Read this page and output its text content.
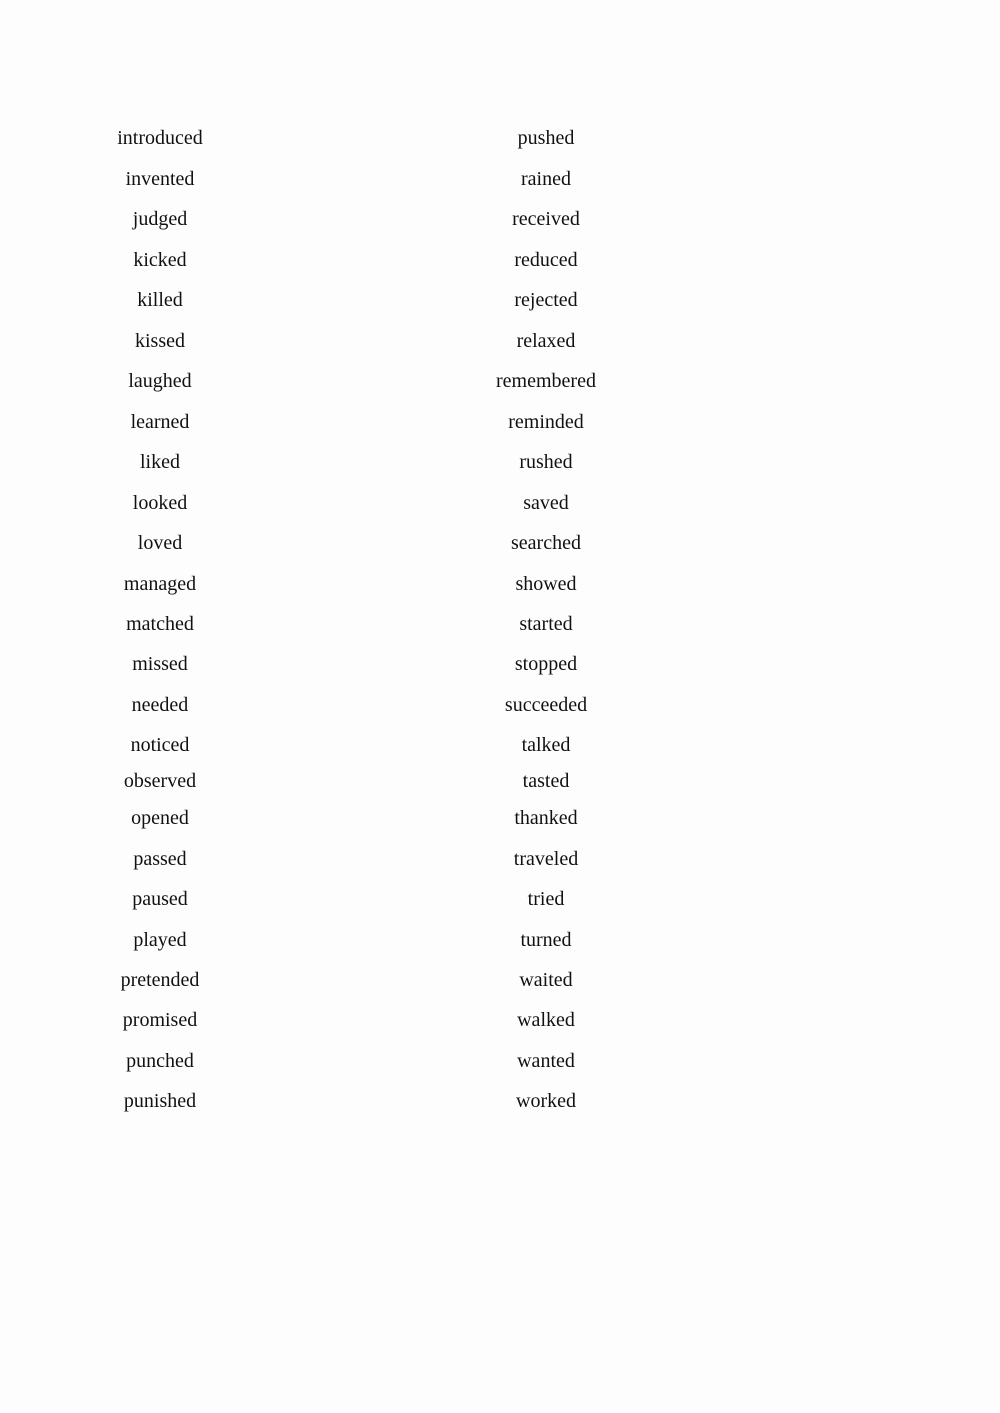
introduced	pushed
invented	rained
judged	received
kicked	reduced
killed	rejected
kissed	relaxed
laughed	remembered
learned	reminded
liked	rushed
looked	saved
loved	searched
managed	showed
matched	started
missed	stopped
needed	succeeded
noticed	talked
observed	tasted
opened	thanked
passed	traveled
paused	tried
played	turned
pretended	waited
promised	walked
punched	wanted
punished	worked
